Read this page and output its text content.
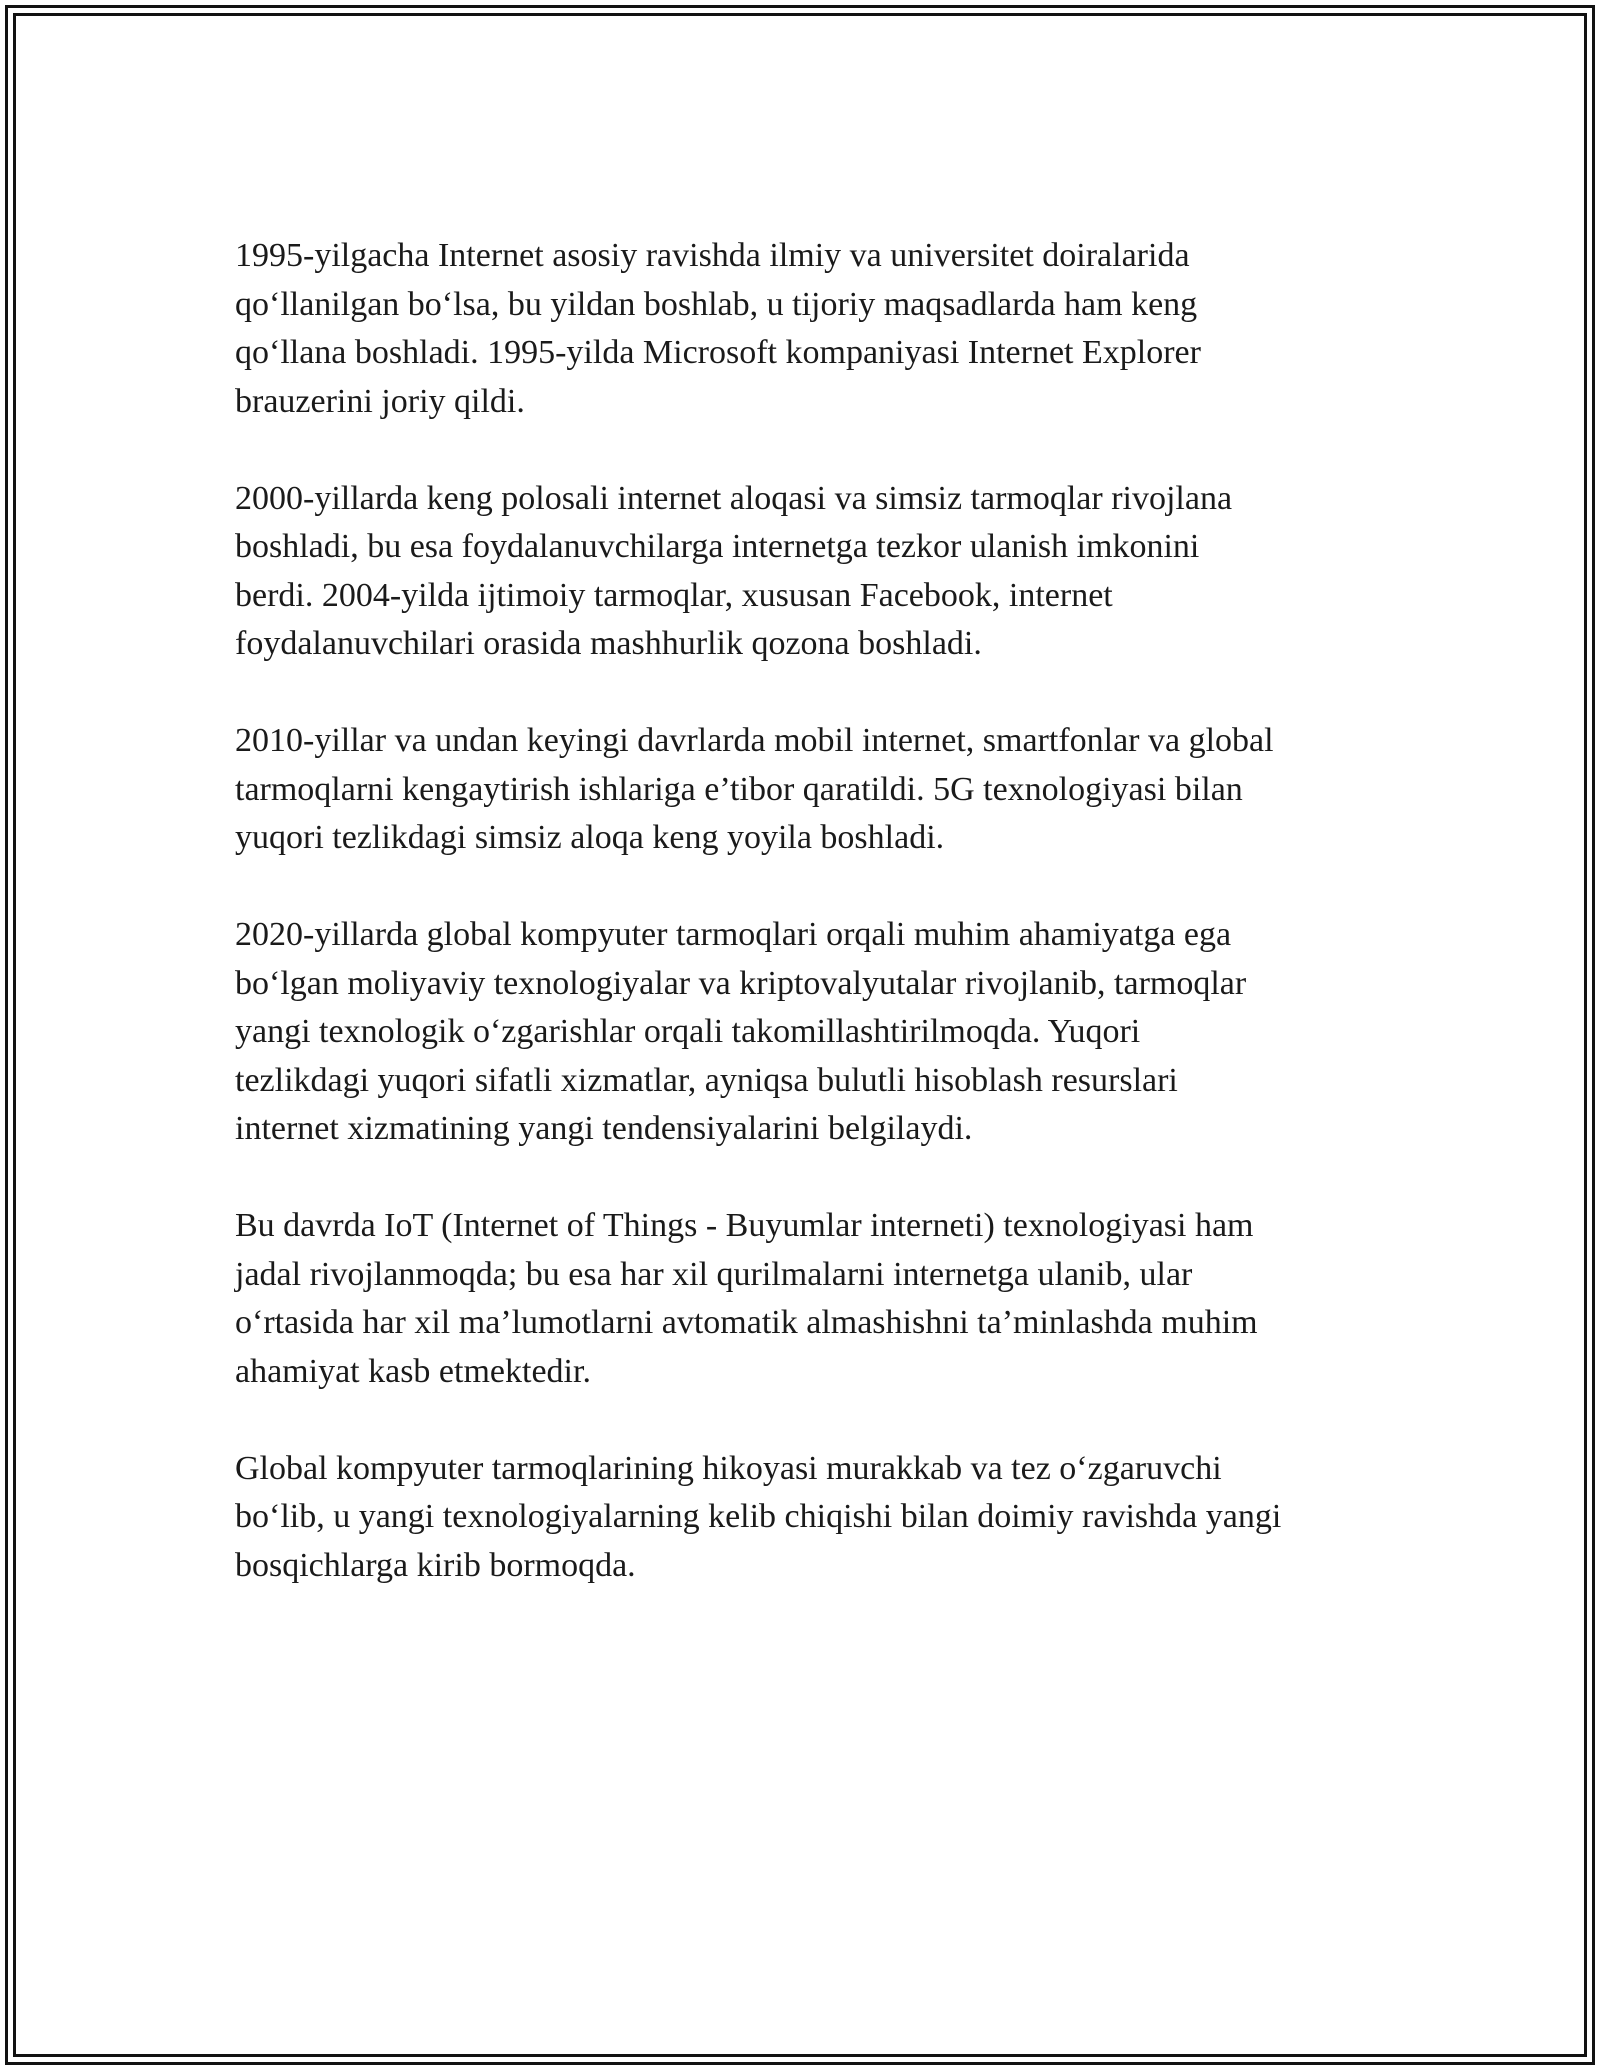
1995-yilgacha Internet asosiy ravishda ilmiy va universitet doiralarida
qo‘llanilgan bo‘lsa, bu yildan boshlab, u tijoriy maqsadlarda ham keng
qo‘llana boshladi. 1995-yilda Microsoft kompaniyasi Internet Explorer
brauzerini joriy qildi.

2000-yillarda keng polosali internet aloqasi va simsiz tarmoqlar rivojlana
boshladi, bu esa foydalanuvchilarga internetga tezkor ulanish imkonini
berdi. 2004-yilda ijtimoiy tarmoqlar, xususan Facebook, internet
foydalanuvchilari orasida mashhurlik qozona boshladi.

2010-yillar va undan keyingi davrlarda mobil internet, smartfonlar va global
tarmoqlarni kengaytirish ishlariga e’tibor qaratildi. 5G texnologiyasi bilan
yuqori tezlikdagi simsiz aloqa keng yoyila boshladi.

2020-yillarda global kompyuter tarmoqlari orqali muhim ahamiyatga ega
bo‘lgan moliyaviy texnologiyalar va kriptovalyutalar rivojlanib, tarmoqlar
yangi texnologik o‘zgarishlar orqali takomillashtirilmoqda. Yuqori
tezlikdagi yuqori sifatli xizmatlar, ayniqsa bulutli hisoblash resurslari
internet xizmatining yangi tendensiyalarini belgilaydi.

Bu davrda IoT (Internet of Things - Buyumlar interneti) texnologiyasi ham
jadal rivojlanmoqda; bu esa har xil qurilmalarni internetga ulanib, ular
o‘rtasida har xil ma’lumotlarni avtomatik almashishni ta’minlashda muhim
ahamiyat kasb etmektedir.

Global kompyuter tarmoqlarining hikoyasi murakkab va tez o‘zgaruvchi
bo‘lib, u yangi texnologiyalarning kelib chiqishi bilan doimiy ravishda yangi
bosqichlarga kirib bormoqda.
